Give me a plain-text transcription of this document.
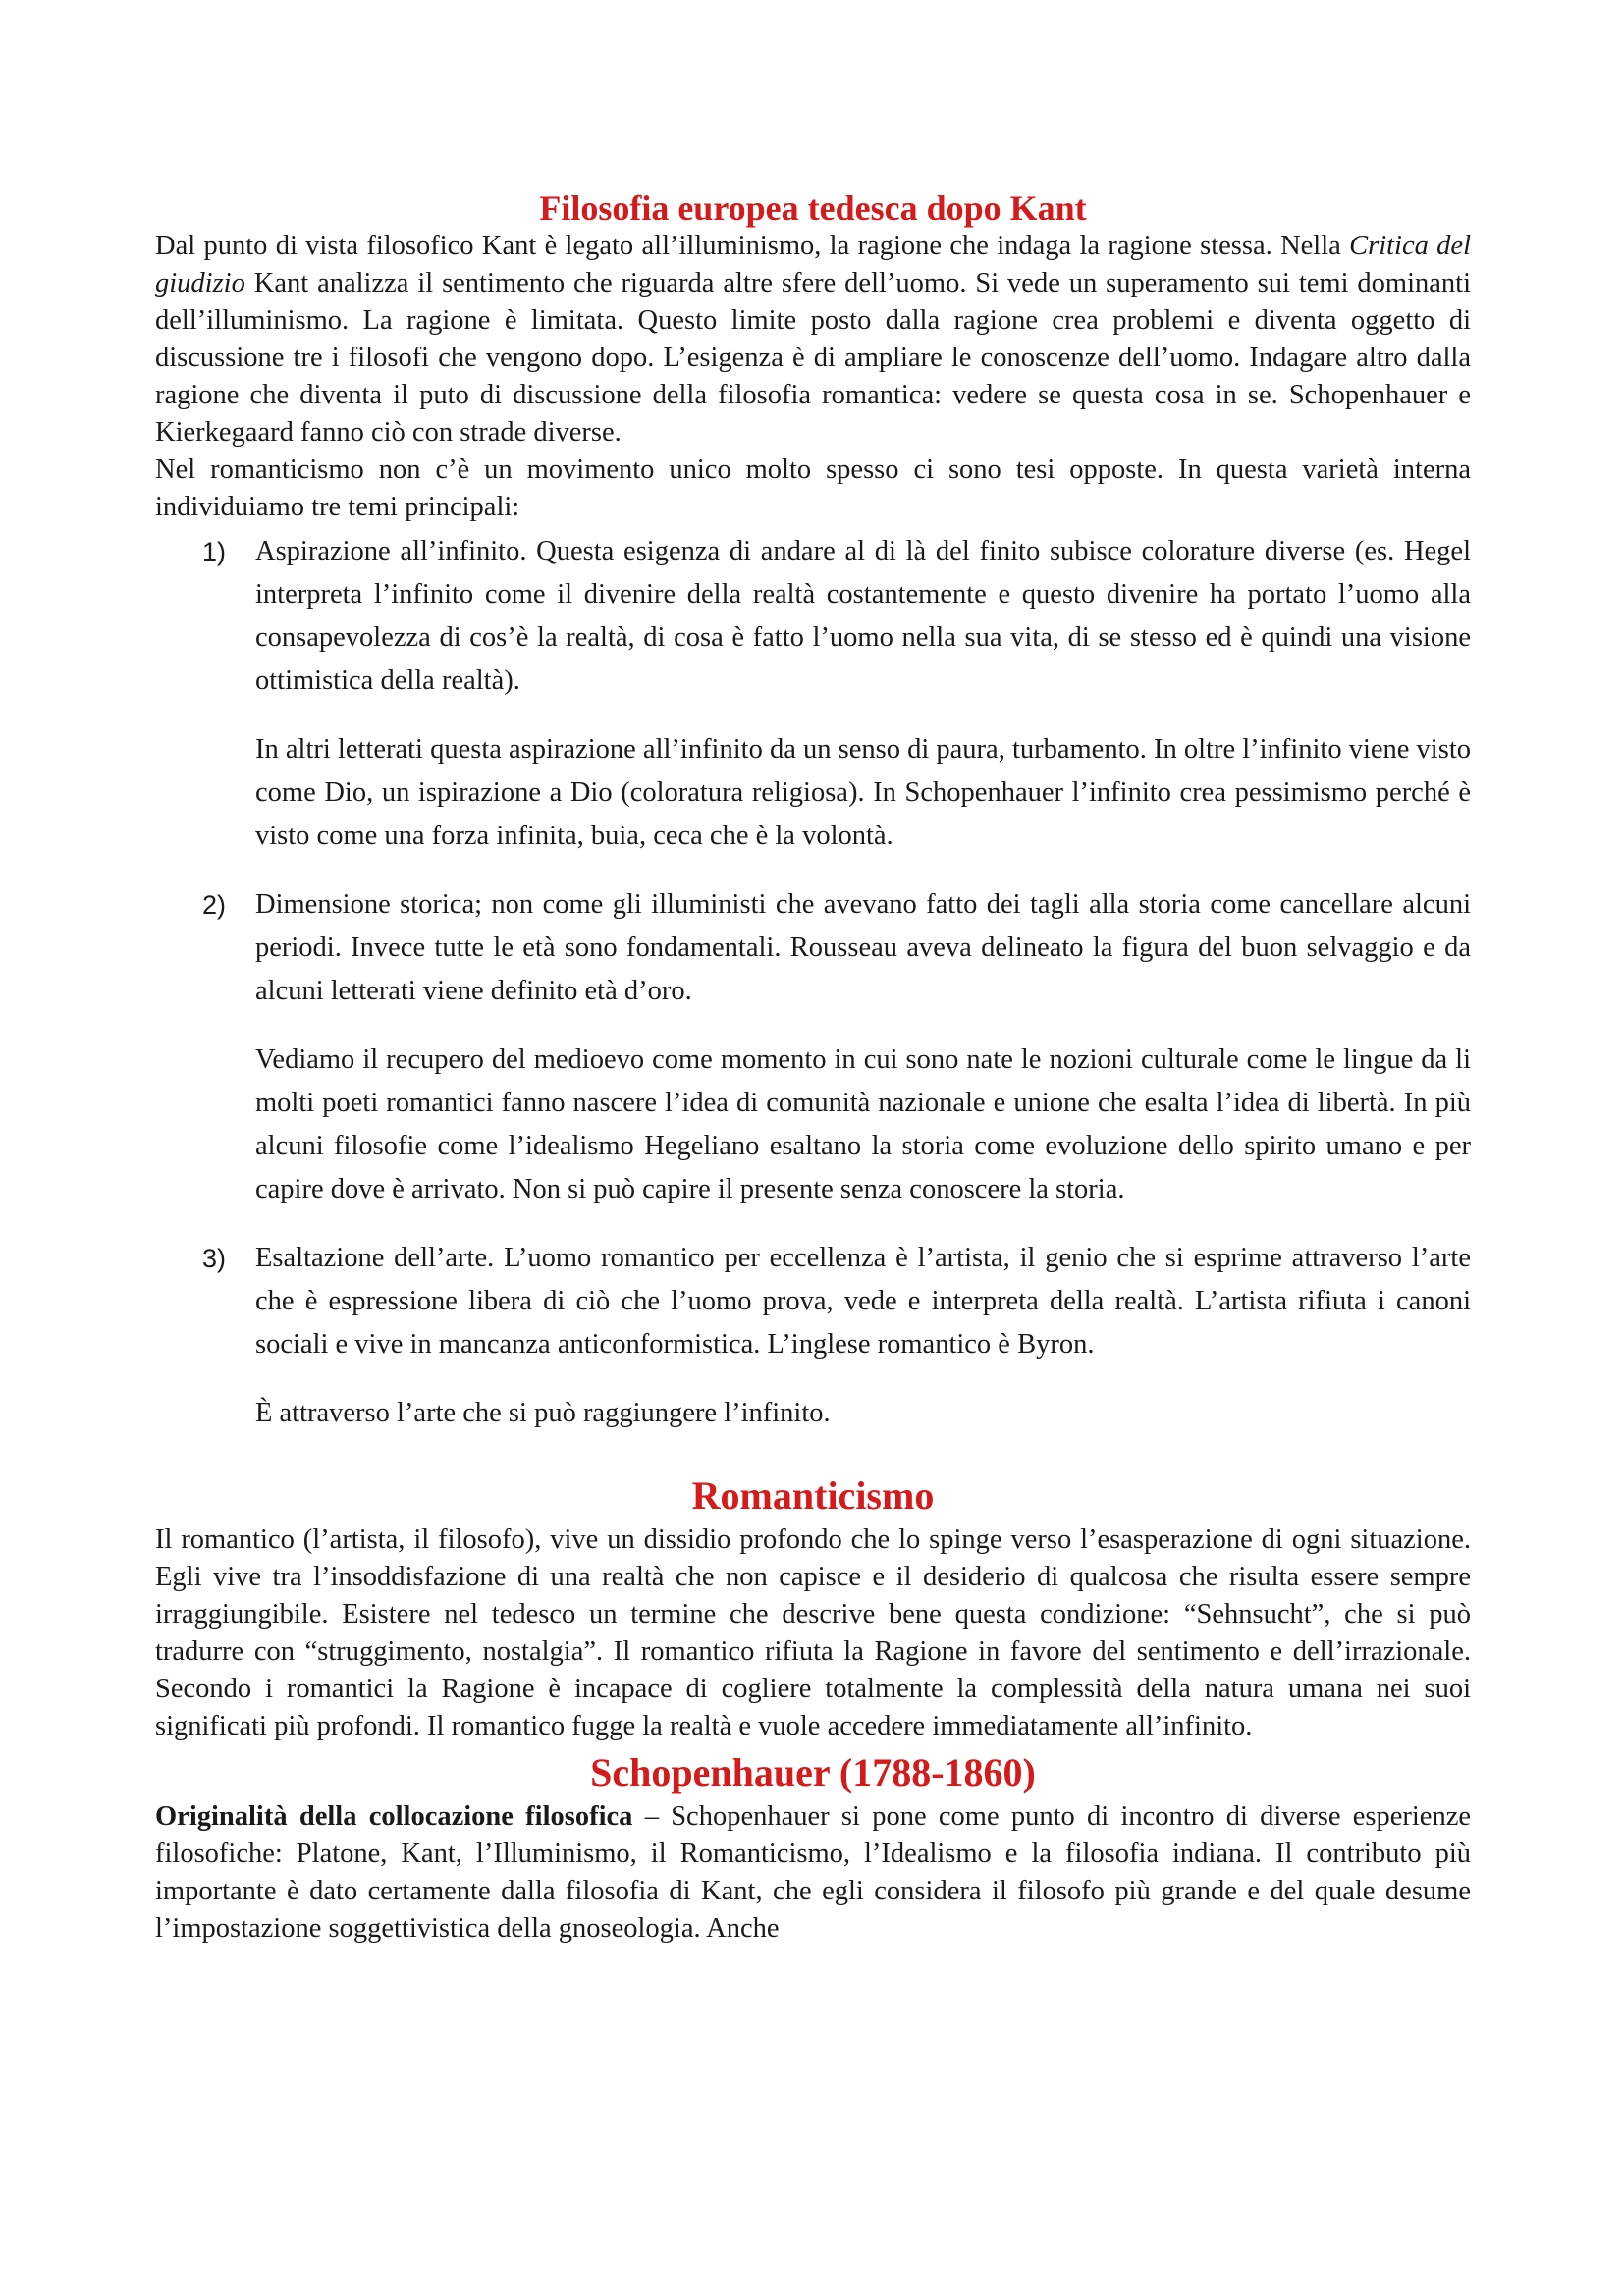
Filosofia europea tedesca dopo Kant

Dal punto di vista filosofico Kant è legato all’illuminismo, la ragione che indaga la ragione stessa. Nella Critica del giudizio Kant analizza il sentimento che riguarda altre sfere dell’uomo. Si vede un superamento sui temi dominanti dell’illuminismo. La ragione è limitata. Questo limite posto dalla ragione crea problemi e diventa oggetto di discussione tre i filosofi che vengono dopo. L’esigenza è di ampliare le conoscenze dell’uomo. Indagare altro dalla ragione che diventa il puto di discussione della filosofia romantica: vedere se questa cosa in se. Schopenhauer e Kierkegaard fanno ciò con strade diverse.

Nel romanticismo non c’è un movimento unico molto spesso ci sono tesi opposte. In questa varietà interna individuiamo tre temi principali:

1) Aspirazione all’infinito. Questa esigenza di andare al di là del finito subisce colorature diverse (es. Hegel interpreta l’infinito come il divenire della realtà costantemente e questo divenire ha portato l’uomo alla consapevolezza di cos’è la realtà, di cosa è fatto l’uomo nella sua vita, di se stesso ed è quindi una visione ottimistica della realtà).

In altri letterati questa aspirazione all’infinito da un senso di paura, turbamento. In oltre l’infinito viene visto come Dio, un ispirazione a Dio (coloratura religiosa). In Schopenhauer l’infinito crea pessimismo perché è visto come una forza infinita, buia, ceca che è la volontà.

2) Dimensione storica; non come gli illuministi che avevano fatto dei tagli alla storia come cancellare alcuni periodi. Invece tutte le età sono fondamentali. Rousseau aveva delineato la figura del buon selvaggio e da alcuni letterati viene definito età d’oro.

Vediamo il recupero del medioevo come momento in cui sono nate le nozioni culturale come le lingue da li molti poeti romantici fanno nascere l’idea di comunità nazionale e unione che esalta l’idea di libertà. In più alcuni filosofie come l’idealismo Hegeliano esaltano la storia come evoluzione dello spirito umano e per capire dove è arrivato. Non si può capire il presente senza conoscere la storia.

3) Esaltazione dell’arte. L’uomo romantico per eccellenza è l’artista, il genio che si esprime attraverso l’arte che è espressione libera di ciò che l’uomo prova, vede e interpreta della realtà. L’artista rifiuta i canoni sociali e vive in mancanza anticonformistica. L’inglese romantico è Byron.

È attraverso l’arte che si può raggiungere l’infinito.

Romanticismo

Il romantico (l’artista, il filosofo), vive un dissidio profondo che lo spinge verso l’esasperazione di ogni situazione. Egli vive tra l’insoddisfazione di una realtà che non capisce e il desiderio di qualcosa che risulta essere sempre irraggiungibile. Esistere nel tedesco un termine che descrive bene questa condizione: “Sehnsucht”, che si può tradurre con “struggimento, nostalgia”. Il romantico rifiuta la Ragione in favore del sentimento e dell’irrazionale. Secondo i romantici la Ragione è incapace di cogliere totalmente la complessità della natura umana nei suoi significati più profondi. Il romantico fugge la realtà e vuole accedere immediatamente all’infinito.

Schopenhauer (1788-1860)

Originalità della collocazione filosofica – Schopenhauer si pone come punto di incontro di diverse esperienze filosofiche: Platone, Kant, l’Illuminismo, il Romanticismo, l’Idealismo e la filosofia indiana. Il contributo più importante è dato certamente dalla filosofia di Kant, che egli considera il filosofo più grande e del quale desume l’impostazione soggettivistica della gnoseologia. Anche
